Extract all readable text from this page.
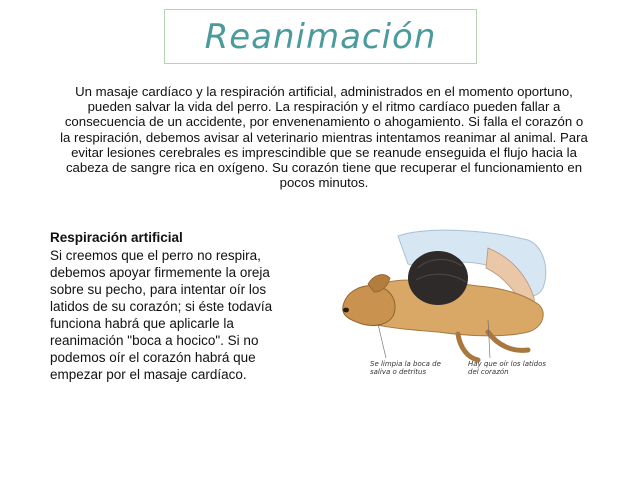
Reanimación

Un masaje cardíaco y la respiración artificial, administrados en el momento oportuno, pueden salvar la vida del perro. La respiración y el ritmo cardíaco pueden fallar a consecuencia de un accidente, por envenenamiento o ahogamiento. Si falla el corazón o la respiración, debemos avisar al veterinario mientras intentamos reanimar al animal. Para evitar lesiones cerebrales es imprescindible que se reanude enseguida el flujo hacia la cabeza de sangre rica en oxígeno. Su corazón tiene que recuperar el funcionamiento en pocos minutos.

Respiración artificial

Si creemos que el perro no respira, debemos apoyar firmemente la oreja sobre su pecho, para intentar oír los latidos de su corazón; si éste todavía funciona habrá que aplicarle la reanimación "boca a hocico". Si no podemos oír el corazón habrá que empezar por el masaje cardíaco.

Se limpia la boca de saliva o detritus
Hay que oír los latidos del corazón
